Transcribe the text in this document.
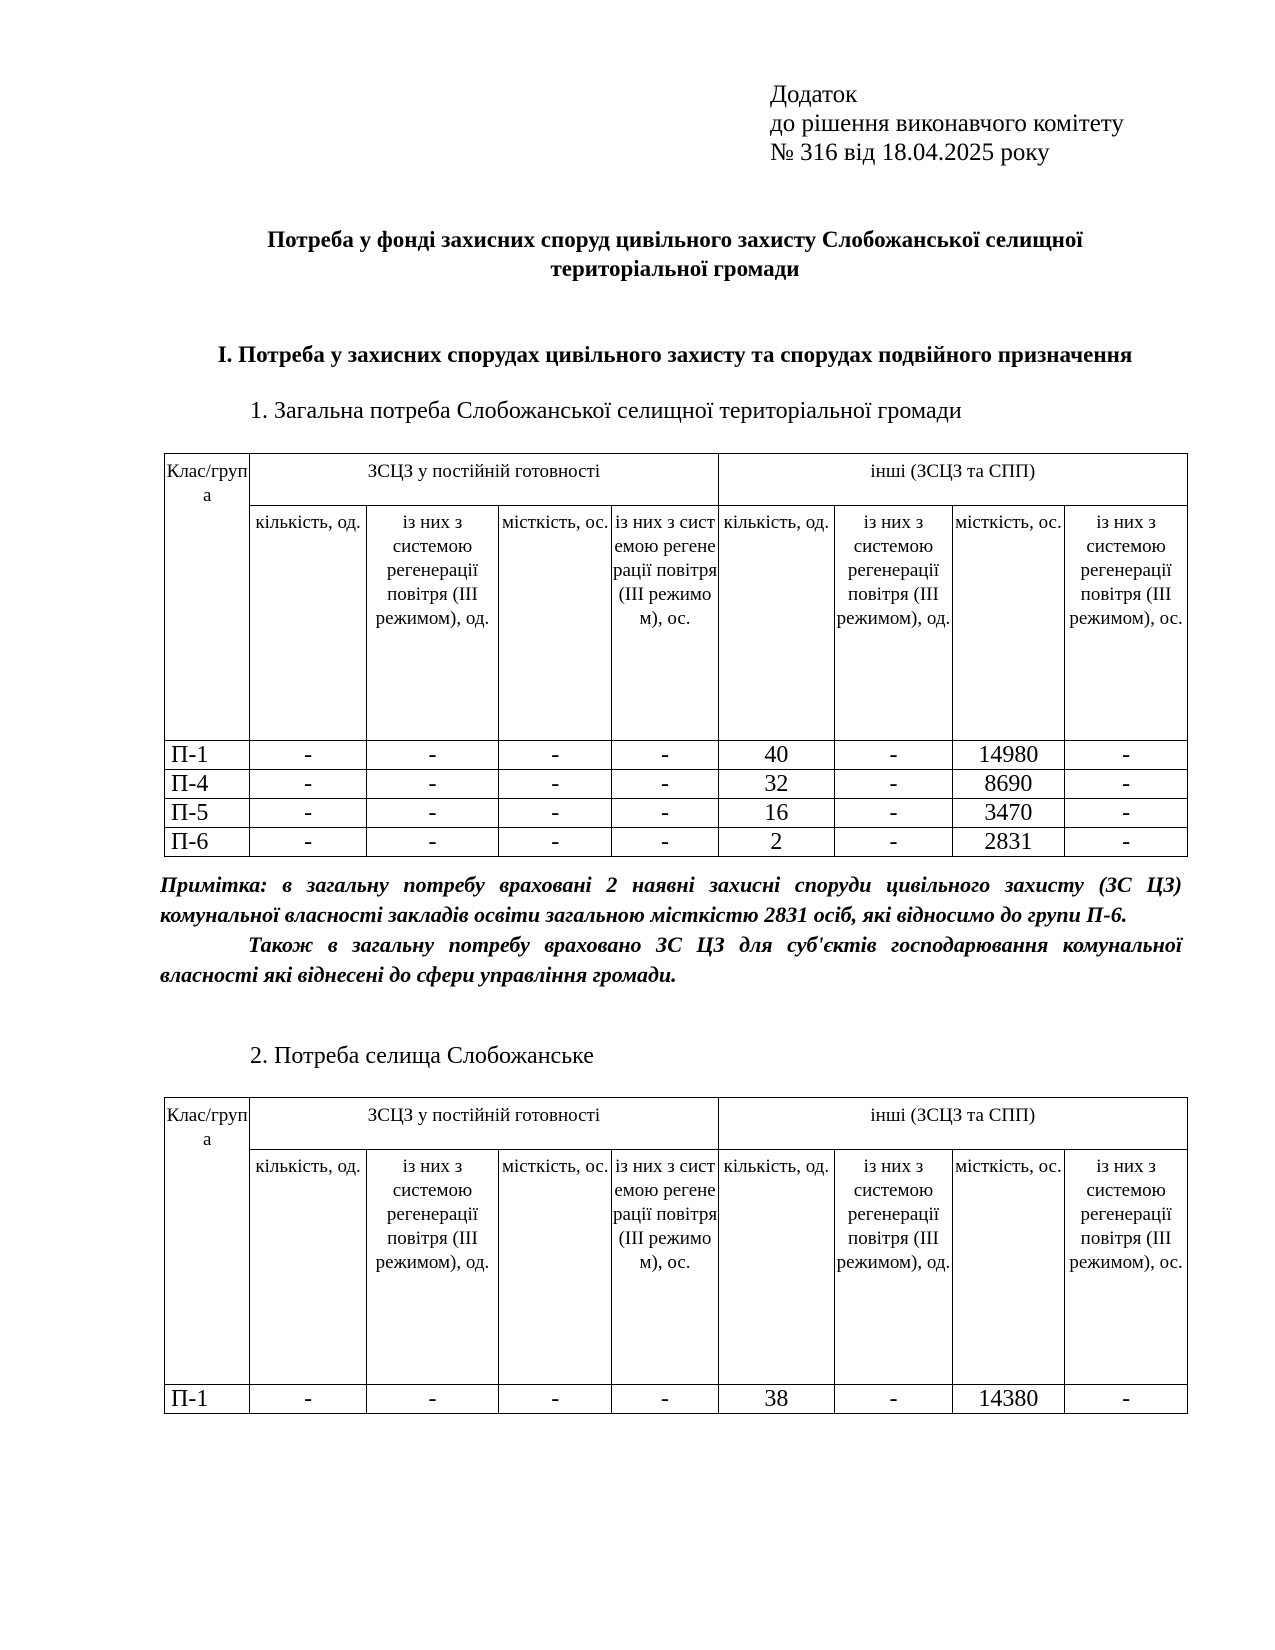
Додаток
до рішення виконавчого комітету
№ 316 від 18.04.2025 року
Потреба у фонді захисних споруд цивільного захисту Слобожанської селищної
територіальної громади
І. Потреба у захисних спорудах цивільного захисту та спорудах подвійного призначення
1. Загальна потреба Слобожанської селищної територіальної громади
Клас/група	ЗСЦЗ у постійній готовності				інші (ЗСЦЗ та СПП)			
	кількість, од.	із них з системою регенерації повітря (ІІІ режимом), од.	місткість, ос.	із них з системою регенерації повітря (ІІІ режимом), ос.	кількість, од.	із них з системою регенерації повітря (ІІІ режимом), од.	місткість, ос.	із них з системою регенерації повітря (ІІІ режимом), ос.
П-1	-	-	-	-	40	-	14980	-
П-4	-	-	-	-	32	-	8690	-
П-5	-	-	-	-	16	-	3470	-
П-6	-	-	-	-	2	-	2831	-

Примітка: в загальну потребу враховані 2 наявні захисні споруди цивільного захисту (ЗС ЦЗ) комунальної власності закладів освіти загальною місткістю 2831 осіб, які відносимо до групи П-6.

Також в загальну потребу враховано ЗС ЦЗ для суб'єктів господарювання комунальної власності які віднесені до сфери управління громади.

2. Потреба селища Слобожанське
Клас/група	ЗСЦЗ у постійній готовності				інші (ЗСЦЗ та СПП)			
	кількість, од.	із них з системою регенерації повітря (ІІІ режимом), од.	місткість, ос.	із них з системою регенерації повітря (ІІІ режимом), ос.	кількість, од.	із них з системою регенерації повітря (ІІІ режимом), од.	місткість, ос.	із них з системою регенерації повітря (ІІІ режимом), ос.
П-1	-	-	-	-	38	-	14380	-
